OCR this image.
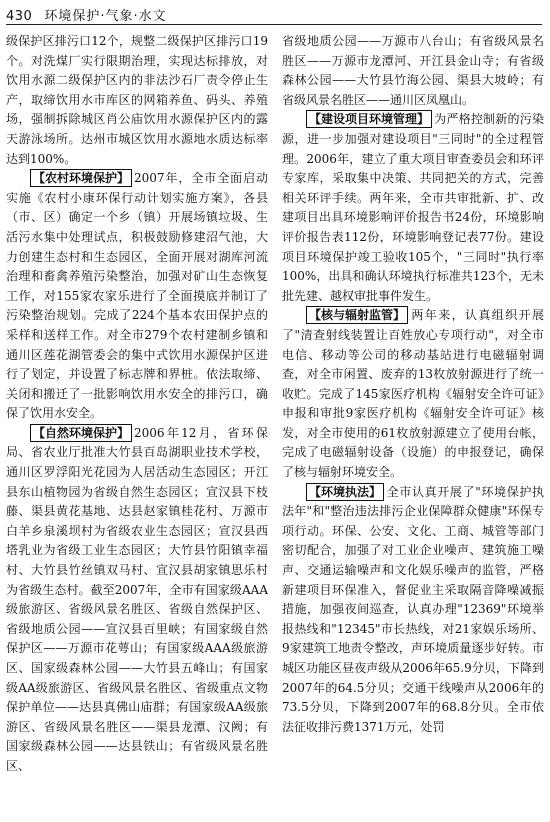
430 环境保护·气象·水文

级保护区排污口12个，规整二级保护区排污口19个。对洗煤厂实行限期治理，实现达标排放，对饮用水源二级保护区内的非法沙石厂责令停止生产，取缔饮用水市库区的网箱养鱼、码头、养殖场，强制拆除城区肖公庙饮用水源保护区内的露天游泳场所。达州市城区饮用水源地水质达标率达到100%。

【农村环境保护】 2007年，全市全面启动实施《农村小康环保行动计划实施方案》，各县（市、区）确定一个乡（镇）开展场镇垃圾、生活污水集中处理试点，积极鼓励修建沼气池，大力创建生态村和生态园区，全面开展对湖库河流治理和畜禽养殖污染整治，加强对矿山生态恢复工作，对155家农家乐进行了全面摸底并制订了污染整治规划。完成了224个基本农田保护点的采样和送样工作。对全市279个农村建制乡镇和通川区莲花湖管委会的集中式饮用水源保护区进行了划定，并设置了标志牌和界桩。依法取缔、关闭和搬迁了一批影响饮用水安全的排污口，确保了饮用水安全。

【自然环境保护】 2006年12月，省环保局、省农业厅批准大竹县百岛湖职业技术学校，通川区罗浮阳光花园为人居活动生态园区；开江县东山植物园为省级自然生态园区；宣汉县下枝藤、渠县黄花基地、达县赵家镇桂花村、万源市白羊乡泉溪坝村为省级农业生态园区；宣汉县西塔乳业为省级工业生态园区；大竹县竹阳镇幸福村、大竹县竹丝镇双马村、宣汉县胡家镇思乐村为省级生态村。截至2007年，全市有国家级AAA级旅游区、省级风景名胜区、省级自然保护区、省级地质公园——宣汉县百里峡；有国家级自然保护区——万源市花萼山；有国家级AAA级旅游区、国家级森林公园——大竹县五峰山；有国家级AA级旅游区、省级风景名胜区、省级重点文物保护单位——达县真佛山庙群；有国家级AA级旅游区、省级风景名胜区——渠县龙潭、汉阙；有国家级森林公园——达县铁山；有省级风景名胜区、

省级地质公园——万源市八台山；有省级风景名胜区——万源市龙潭河、开江县金山寺；有省级森林公园——大竹县竹海公园、渠县大坡岭；有省级风景名胜区——通川区凤凰山。

【建设项目环境管理】 为严格控制新的污染源，进一步加强对建设项目"三同时"的全过程管理。2006年，建立了重大项目审查委员会和环评专家库，采取集中决策、共同把关的方式，完善相关环评手续。两年来，全市共审批新、扩、改建项目出具环境影响评价报告书24份，环境影响评价报告表112份，环境影响登记表77份。建设项目环境保护竣工验收105个，"三同时"执行率100%，出具和确认环境执行标准共123个，无未批先建、越权审批事件发生。

【核与辐射监管】 两年来，认真组织开展了"清查射线装置让百姓放心专项行动"，对全市电信、移动等公司的移动基站进行电磁辐射调查，对全市闲置、废弃的13枚放射源进行了统一收贮。完成了145家医疗机构《辐射安全许可证》申报和审批9家医疗机构《辐射安全许可证》核发，对全市使用的61枚放射源建立了使用台帐，完成了电磁辐射设备（设施）的申报登记，确保了核与辐射环境安全。

【环境执法】 全市认真开展了"环境保护执法年"和"整治违法排污企业保障群众健康"环保专项行动。环保、公安、文化、工商、城管等部门密切配合，加强了对工业企业噪声、建筑施工噪声、交通运输噪声和文化娱乐噪声的监管，严格新建项目环保准入，督促业主采取隔音降噪减振措施，加强夜间巡查，认真办理"12369"环境举报热线和"12345"市长热线，对21家娱乐场所、9家建筑工地责令整改，声环境质量逐步好转。市城区功能区昼夜声级从2006年65.9分贝，下降到2007年的64.5分贝；交通干线噪声从2006年的73.5分贝，下降到2007年的68.8分贝。全市依法征收排污费1371万元，处罚
